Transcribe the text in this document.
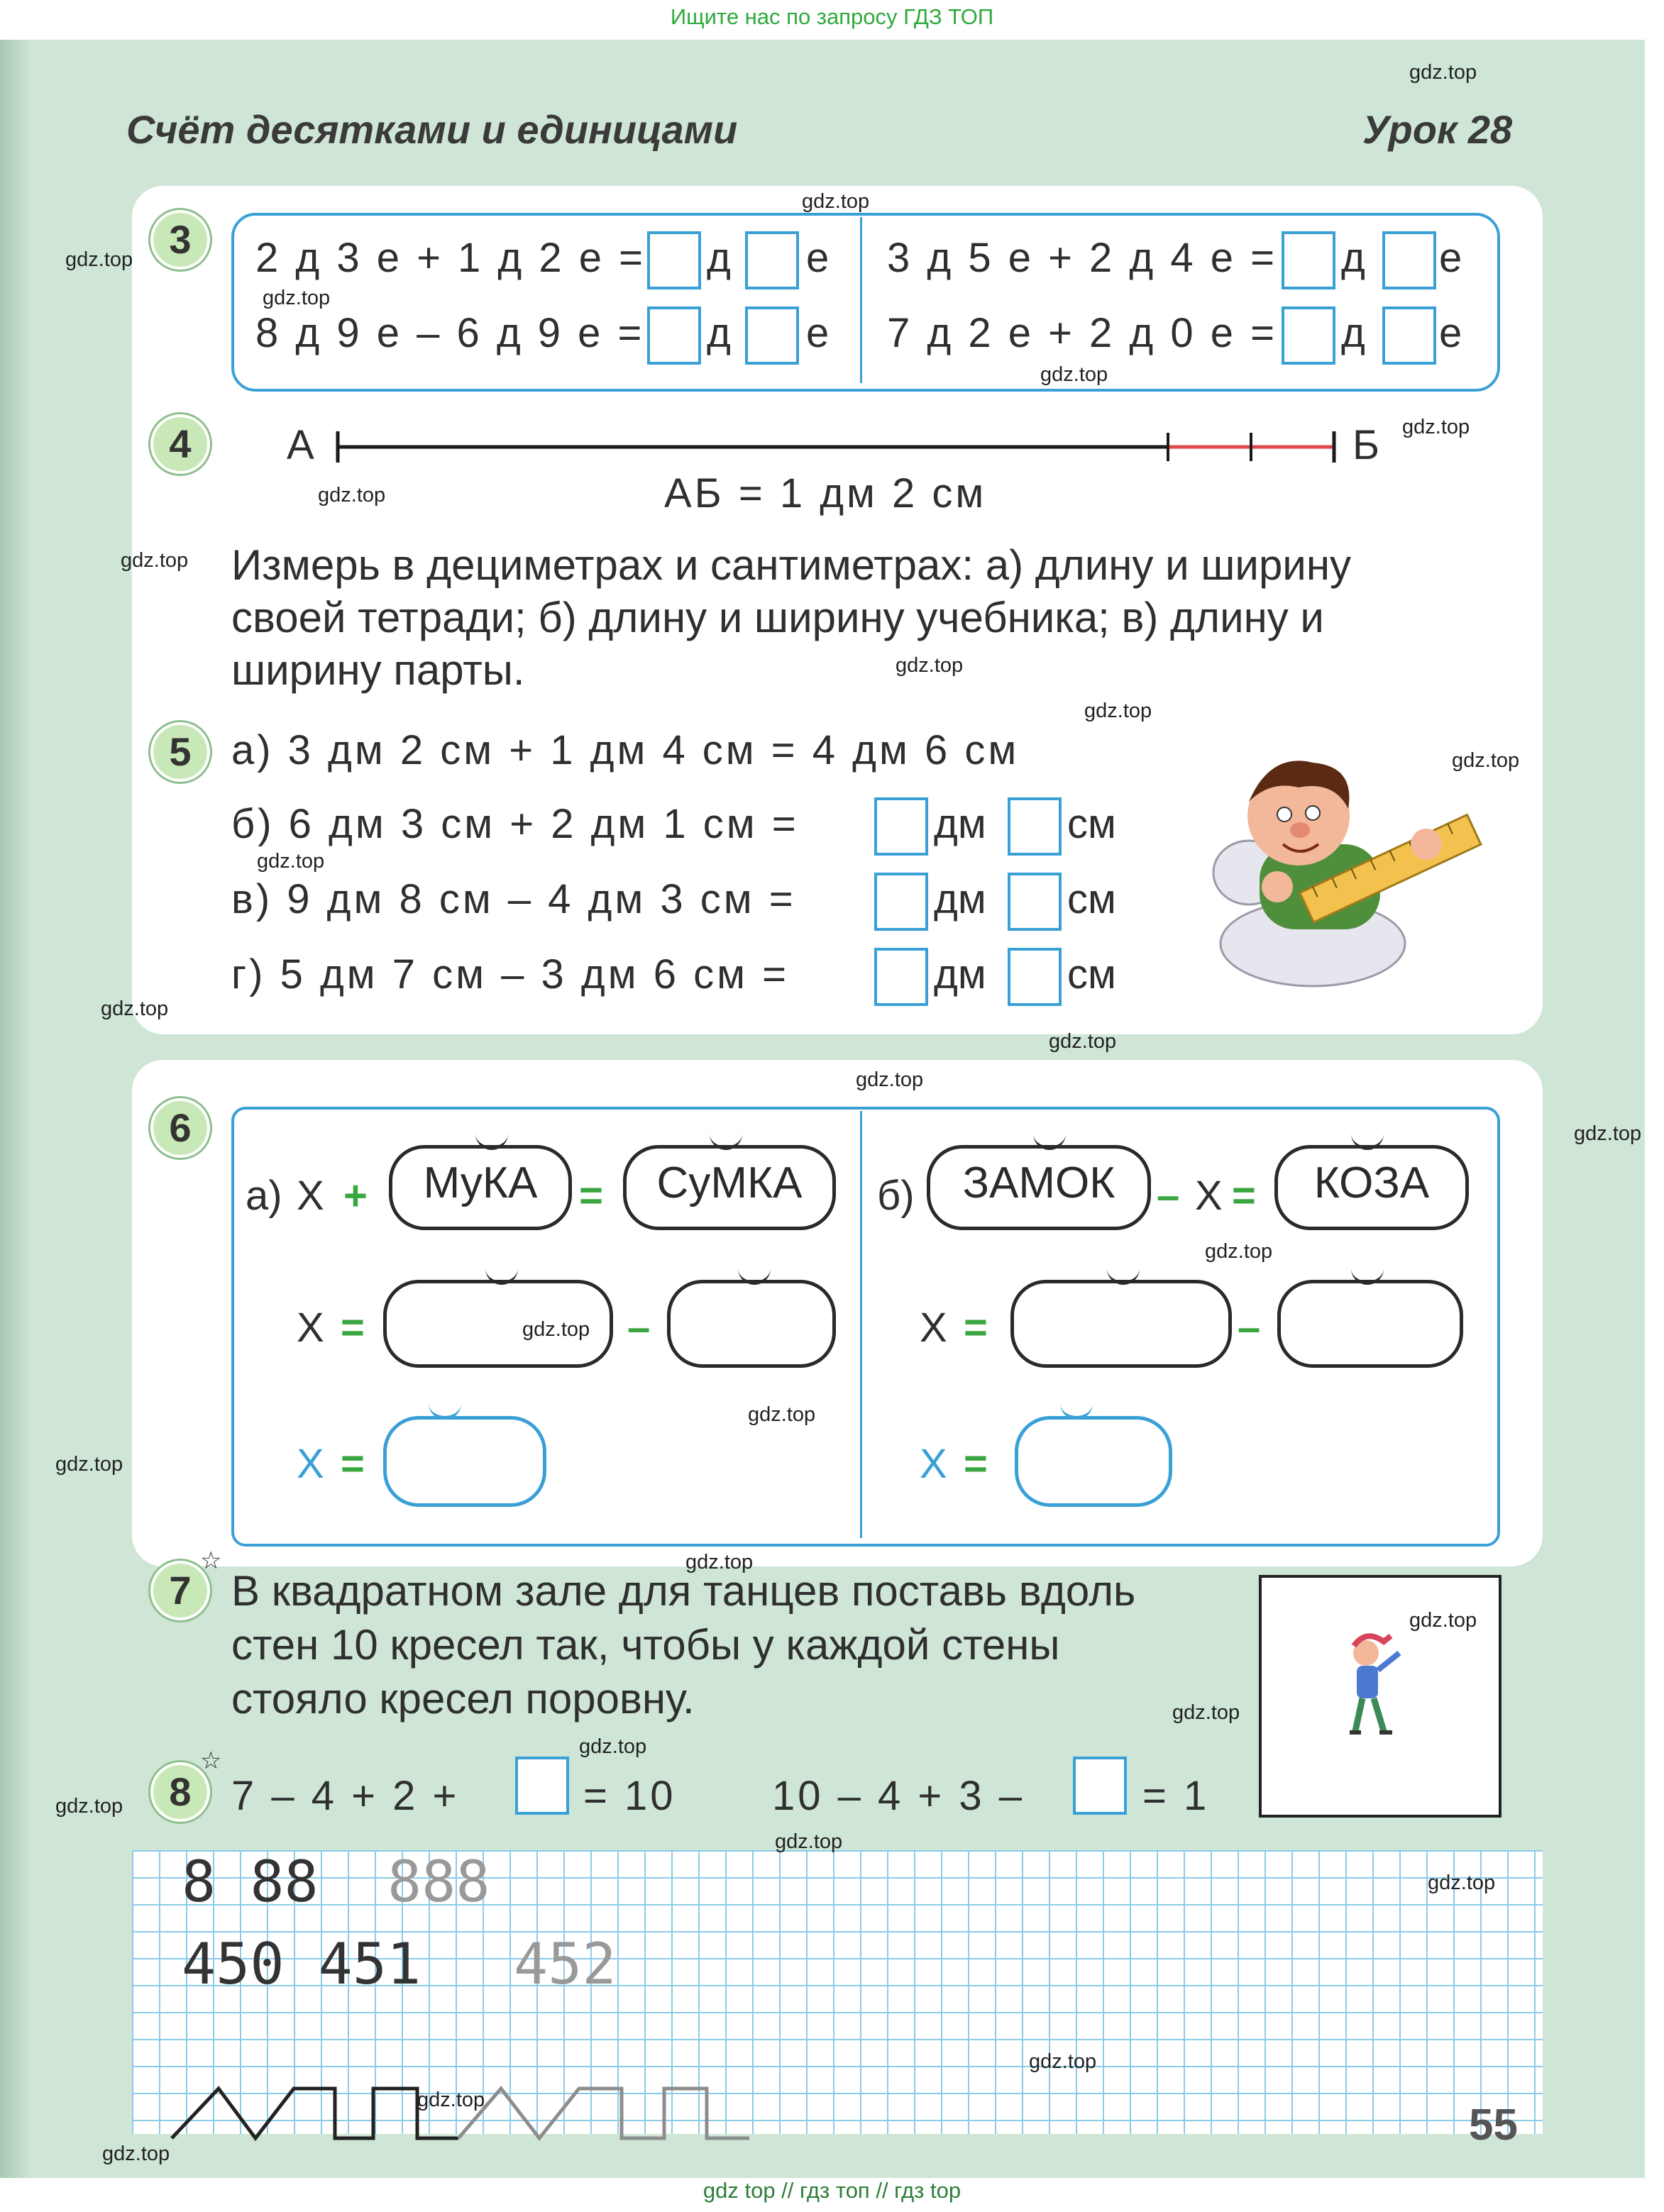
Ищите нас по запросу ГДЗ ТОП
Счёт десятками и единицами	Урок 28
3	2 д 3 е + 1 д 2 е = д е 3 д 5 е + 2 д 4 е = д е
8 д 9 е – 6 д 9 е = д е 7 д 2 е + 2 д 0 е = д е
4	А	Б
АБ = 1 дм 2 см
Измерь в дециметрах и сантиметрах: а) длину и ширину
своей тетради; б) длину и ширину учебника; в) длину и
ширину парты.
5 а) 3 дм 2 см + 1 дм 4 см = 4 дм 6 см
б) 6 дм 3 см + 2 дм 1 см =	дм см
в) 9 дм 8 см – 4 дм 3 см =	дм см
г) 5 дм 7 см – 3 дм 6 см =	дм см
6
а) Х +	МуКА	=	СуМКА	б)	ЗАМОК	– Х =	КОЗА
Х =	–	Х =	–
Х =	Х =
7
☆
В квадратном зале для танцев поставь вдоль
стен 10 кресел так, чтобы у каждой стены
стояло кресел поровну.
8
☆
7 – 4 + 2 +	= 10 10 – 4 + 3 –	= 1
8 88 888
450 451 452
55
gdz.top
gdz.top
gdz.top
gdz.top
gdz.top
gdz.top
gdz.top
gdz.top
gdz.top
gdz.top
gdz.top
gdz.top
gdz.top
gdz.top
gdz.top
gdz.top
gdz.top
gdz.top
gdz.top
gdz.top
gdz.top
gdz.top
gdz.top
gdz.top
gdz.top
gdz.top
gdz.top
gdz.top
gdz.top
gdz.top
gdz top // гдз топ // гдз top
